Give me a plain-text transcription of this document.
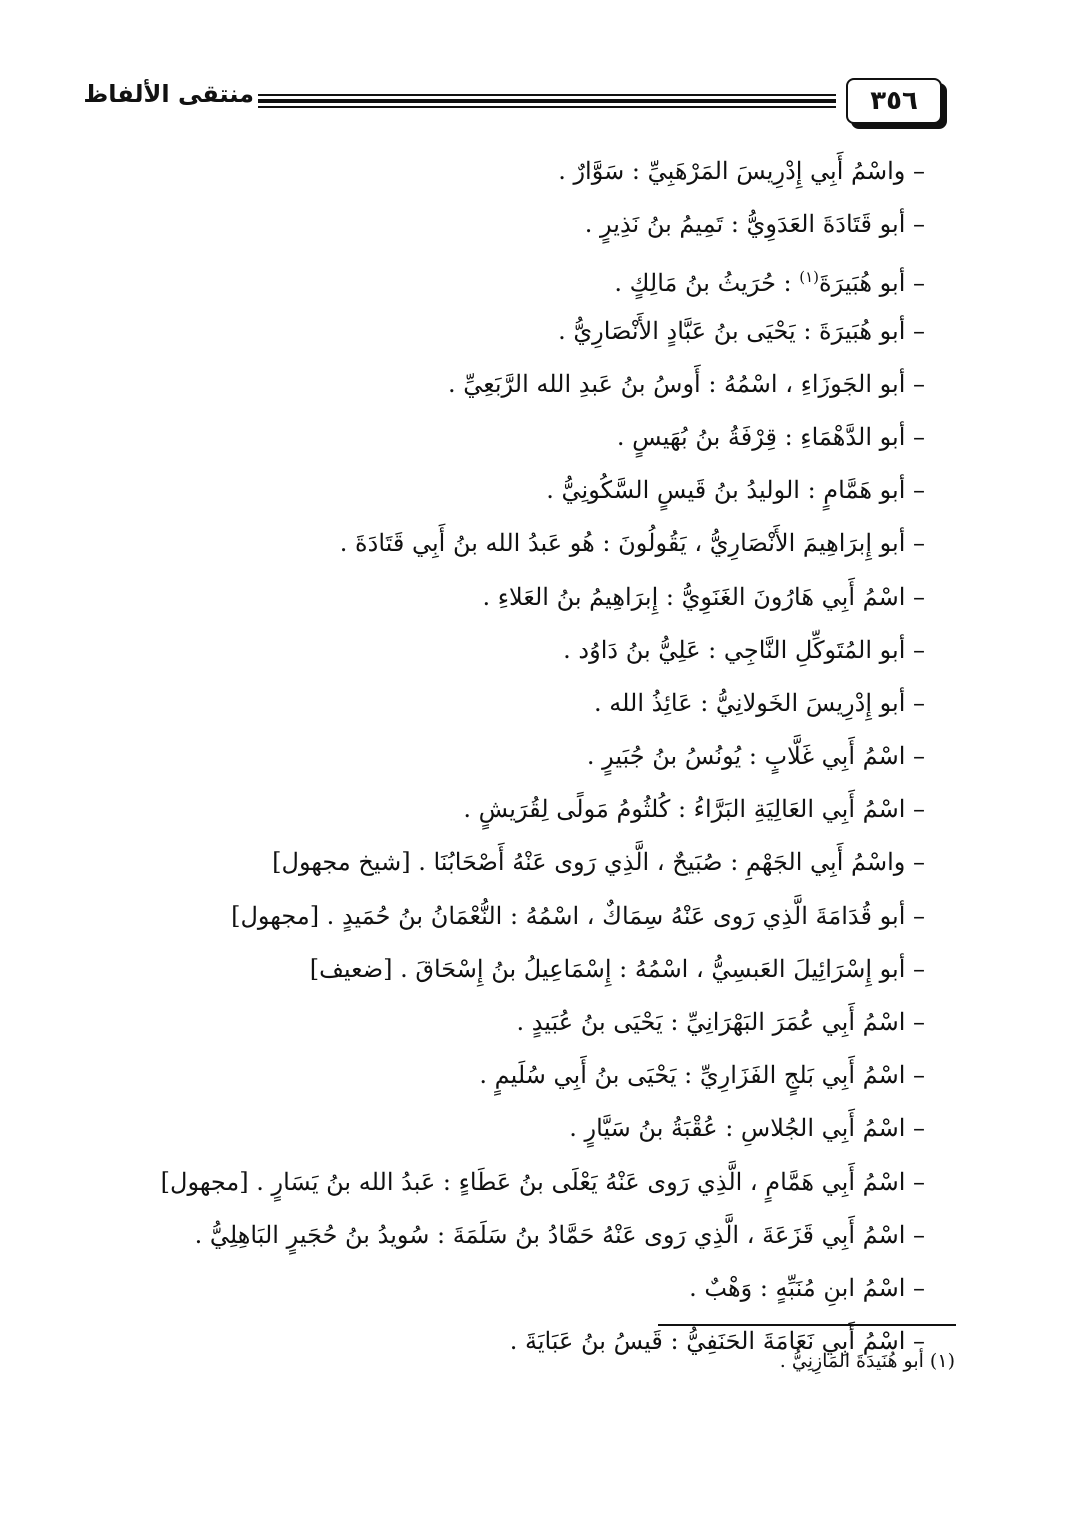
٣٥٦
منتقى الألفاظ
– واسْمُ أَبِي إِدْرِيسَ المَرْهَبِيِّ : سَوَّارٌ .
– أبو قَتَادَةَ العَدَوِيُّ : تَمِيمُ بنُ نَذِيرٍ .
– أبو هُبَيرَةَ$^{(١)}$ : حُرَيثُ بنُ مَالِكٍ .
– أبو هُبَيرَةَ : يَحْيَى بنُ عَبَّادٍ الأَنْصَارِيُّ .
– أبو الجَوزَاءِ ، اسْمُهُ : أَوسُ بنُ عَبدِ الله الرَّبَعِيِّ .
– أبو الدَّهْمَاءِ : قِرْفَةُ بنُ بُهَيسٍ .
– أبو هَمَّامٍ : الوليدُ بنُ قَيسٍ السَّكُونِيُّ .
– أبو إِبرَاهِيمَ الأَنْصَارِيُّ ، يَقُولُونَ : هُو عَبدُ الله بنُ أَبِي قَتَادَةَ .
– اسْمُ أَبِي هَارُونَ الغَنَوِيُّ : إِبرَاهِيمُ بنُ العَلاءِ .
– أبو المُتَوكِّلِ النَّاجِي : عَلِيُّ بنُ دَاوُد .
– أبو إِدْرِيسَ الخَولانِيُّ : عَائِذُ الله .
– اسْمُ أَبِي غَلَّابٍ : يُونُسُ بنُ جُبَيرٍ .
– اسْمُ أَبِي العَالِيَةِ البَرَّاءُ : كُلثُومُ مَولًى لِقُرَيشٍ .
– واسْمُ أَبِي الجَهْمِ : صُبَيحٌ ، الَّذِي رَوى عَنْهُ أَصْحَابُنَا . [شيخ مجهول]
– أبو قُدَامَةَ الَّذِي رَوى عَنْهُ سِمَاكٌ ، اسْمُهُ : النُّعْمَانُ بنُ حُمَيدٍ . [مجهول]
– أبو إِسْرَائِيلَ العَبسِيُّ ، اسْمُهُ : إِسْمَاعِيلُ بنُ إِسْحَاقَ . [ضعيف]
– اسْمُ أَبِي عُمَرَ البَهْرَانِيِّ : يَحْيَى بنُ عُبَيدٍ .
– اسْمُ أَبِي بَلجٍ الفَزَارِيِّ : يَحْيَى بنُ أَبِي سُلَيمٍ .
– اسْمُ أَبِي الجُلاسِ : عُقْبَةُ بنُ سَيَّارٍ .
– اسْمُ أَبِي هَمَّامٍ ، الَّذِي رَوى عَنْهُ يَعْلَى بنُ عَطَاءٍ : عَبدُ الله بنُ يَسَارٍ . [مجهول]
– اسْمُ أَبِي قَزَعَةَ ، الَّذِي رَوى عَنْهُ حَمَّادُ بنُ سَلَمَةَ : سُويدُ بنُ حُجَيرٍ البَاهِلِيُّ .
– اسْمُ ابنِ مُنَبِّهٍ : وَهْبٌ .
– اسْمُ أَبِي نَعَامَةَ الحَنَفِيُّ : قَيسُ بنُ عَبَايَةَ .
(١) أبو هُنَيدَةَ المَازِنِيُّ .
